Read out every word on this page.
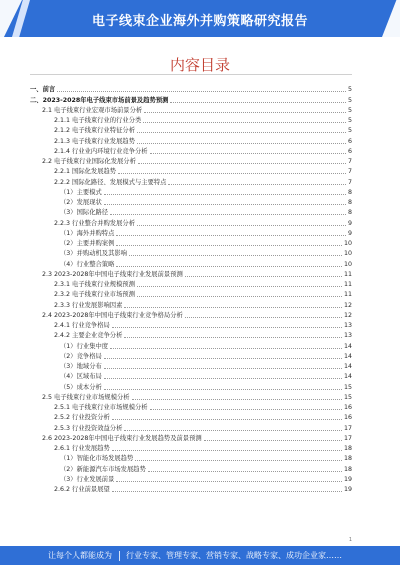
电子线束企业海外并购策略研究报告
内容目录
一、前言	5
二、2023-2028年电子线束市场前景及趋势预测	5
2.1 电子线束行业宏观市场前景分析	5
2.1.1 电子线束行业的行业分类	5
2.1.2 电子线束行业特征分析	5
2.1.3 电子线束行业发展趋势	6
2.1.4 行业业内环境行业竞争分析	6
2.2 电子线束行业国际化发展分析	7
2.2.1 国际化发展趋势	7
2.2.2 国际化路径、发展模式与主要特点	7
（1）主要模式	8
（2）发展现状	8
（3）国际化路径	8
2.2.3 行业整合并购发展分析	9
（1）海外并购特点	9
（2）主要并购案例	10
（3）并购动机及其影响	10
（4）行业整合策略	10
2.3 2023-2028年中国电子线束行业发展前景预测	11
2.3.1 电子线束行业规模预测	11
2.3.2 电子线束行业市场预测	11
2.3.3 行业发展影响因素	12
2.4 2023-2028年中国电子线束行业竞争格局分析	12
2.4.1 行业竞争格局	13
2.4.2 主要企业竞争分析	13
（1）行业集中度	14
（2）竞争格局	14
（3）地域分布	14
（4）区域布局	14
（5）成本分析	15
2.5 电子线束行业市场规模分析	15
2.5.1 电子线束行业市场规模分析	16
2.5.2 行业投资分析	16
2.5.3 行业投资效益分析	17
2.6 2023-2028年中国电子线束行业发展趋势及前景预测	17
2.6.1 行业发展趋势	18
（1）智能化市场发展趋势	18
（2）新能源汽车市场发展趋势	18
（3）行业发展前景	19
2.6.2 行业前景展望	19
1
让每个人都能成为 行业专家、管理专家、营销专家、战略专家、成功企业家……
